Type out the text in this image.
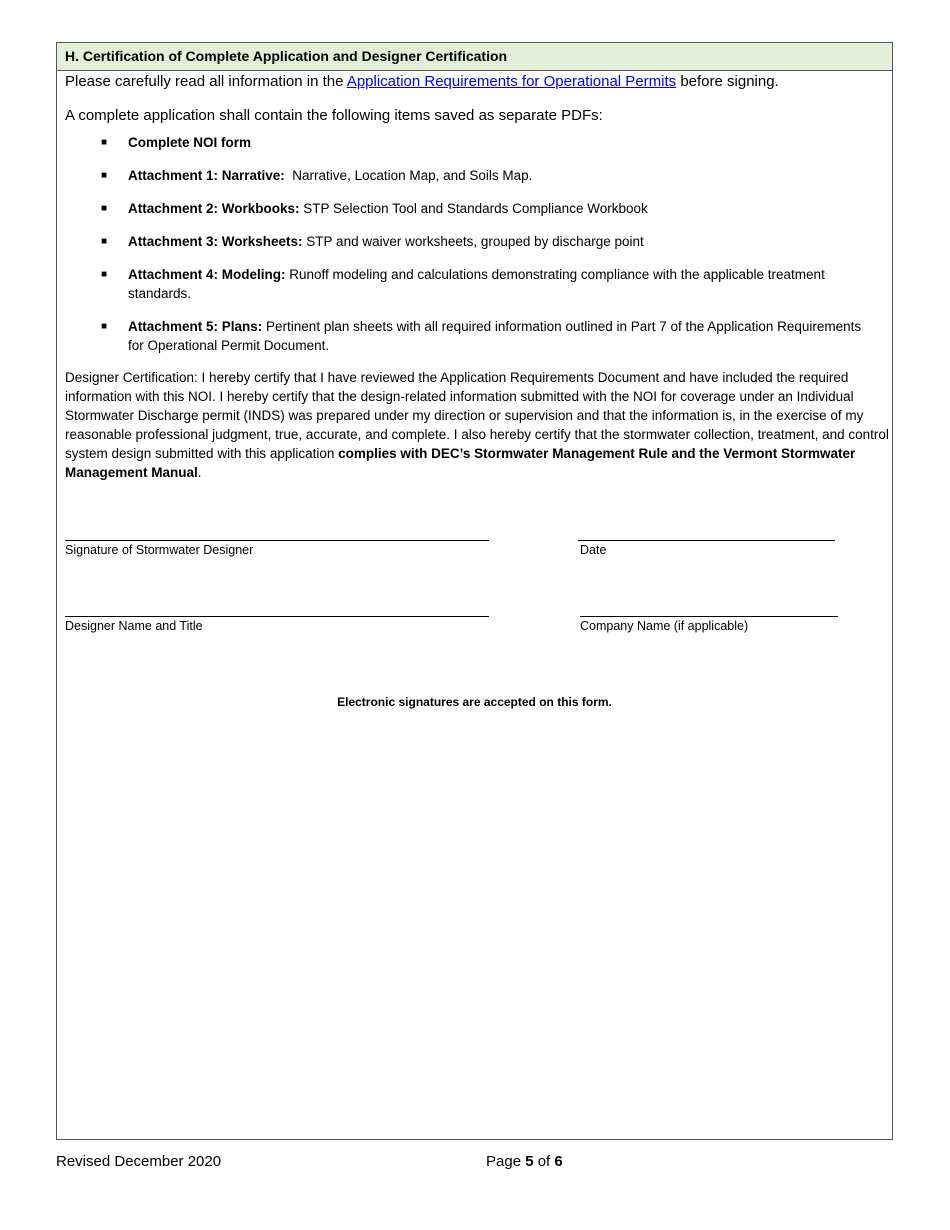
H. Certification of Complete Application and Designer Certification
Please carefully read all information in the Application Requirements for Operational Permits before signing.
A complete application shall contain the following items saved as separate PDFs:
■ Complete NOI form
■ Attachment 1: Narrative:  Narrative, Location Map, and Soils Map.
■ Attachment 2: Workbooks: STP Selection Tool and Standards Compliance Workbook
■ Attachment 3: Worksheets: STP and waiver worksheets, grouped by discharge point
■ Attachment 4: Modeling: Runoff modeling and calculations demonstrating compliance with the applicable treatment standards.
■ Attachment 5: Plans: Pertinent plan sheets with all required information outlined in Part 7 of the Application Requirements for Operational Permit Document.
Designer Certification: I hereby certify that I have reviewed the Application Requirements Document and have included the required information with this NOI. I hereby certify that the design-related information submitted with the NOI for coverage under an Individual Stormwater Discharge permit (INDS) was prepared under my direction or supervision and that the information is, in the exercise of my reasonable professional judgment, true, accurate, and complete. I also hereby certify that the stormwater collection, treatment, and control system design submitted with this application complies with DEC’s Stormwater Management Rule and the Vermont Stormwater Management Manual.
Signature of Stormwater Designer	Date
Designer Name and Title	Company Name (if applicable)
Electronic signatures are accepted on this form.
Revised December 2020	Page 5 of 6
